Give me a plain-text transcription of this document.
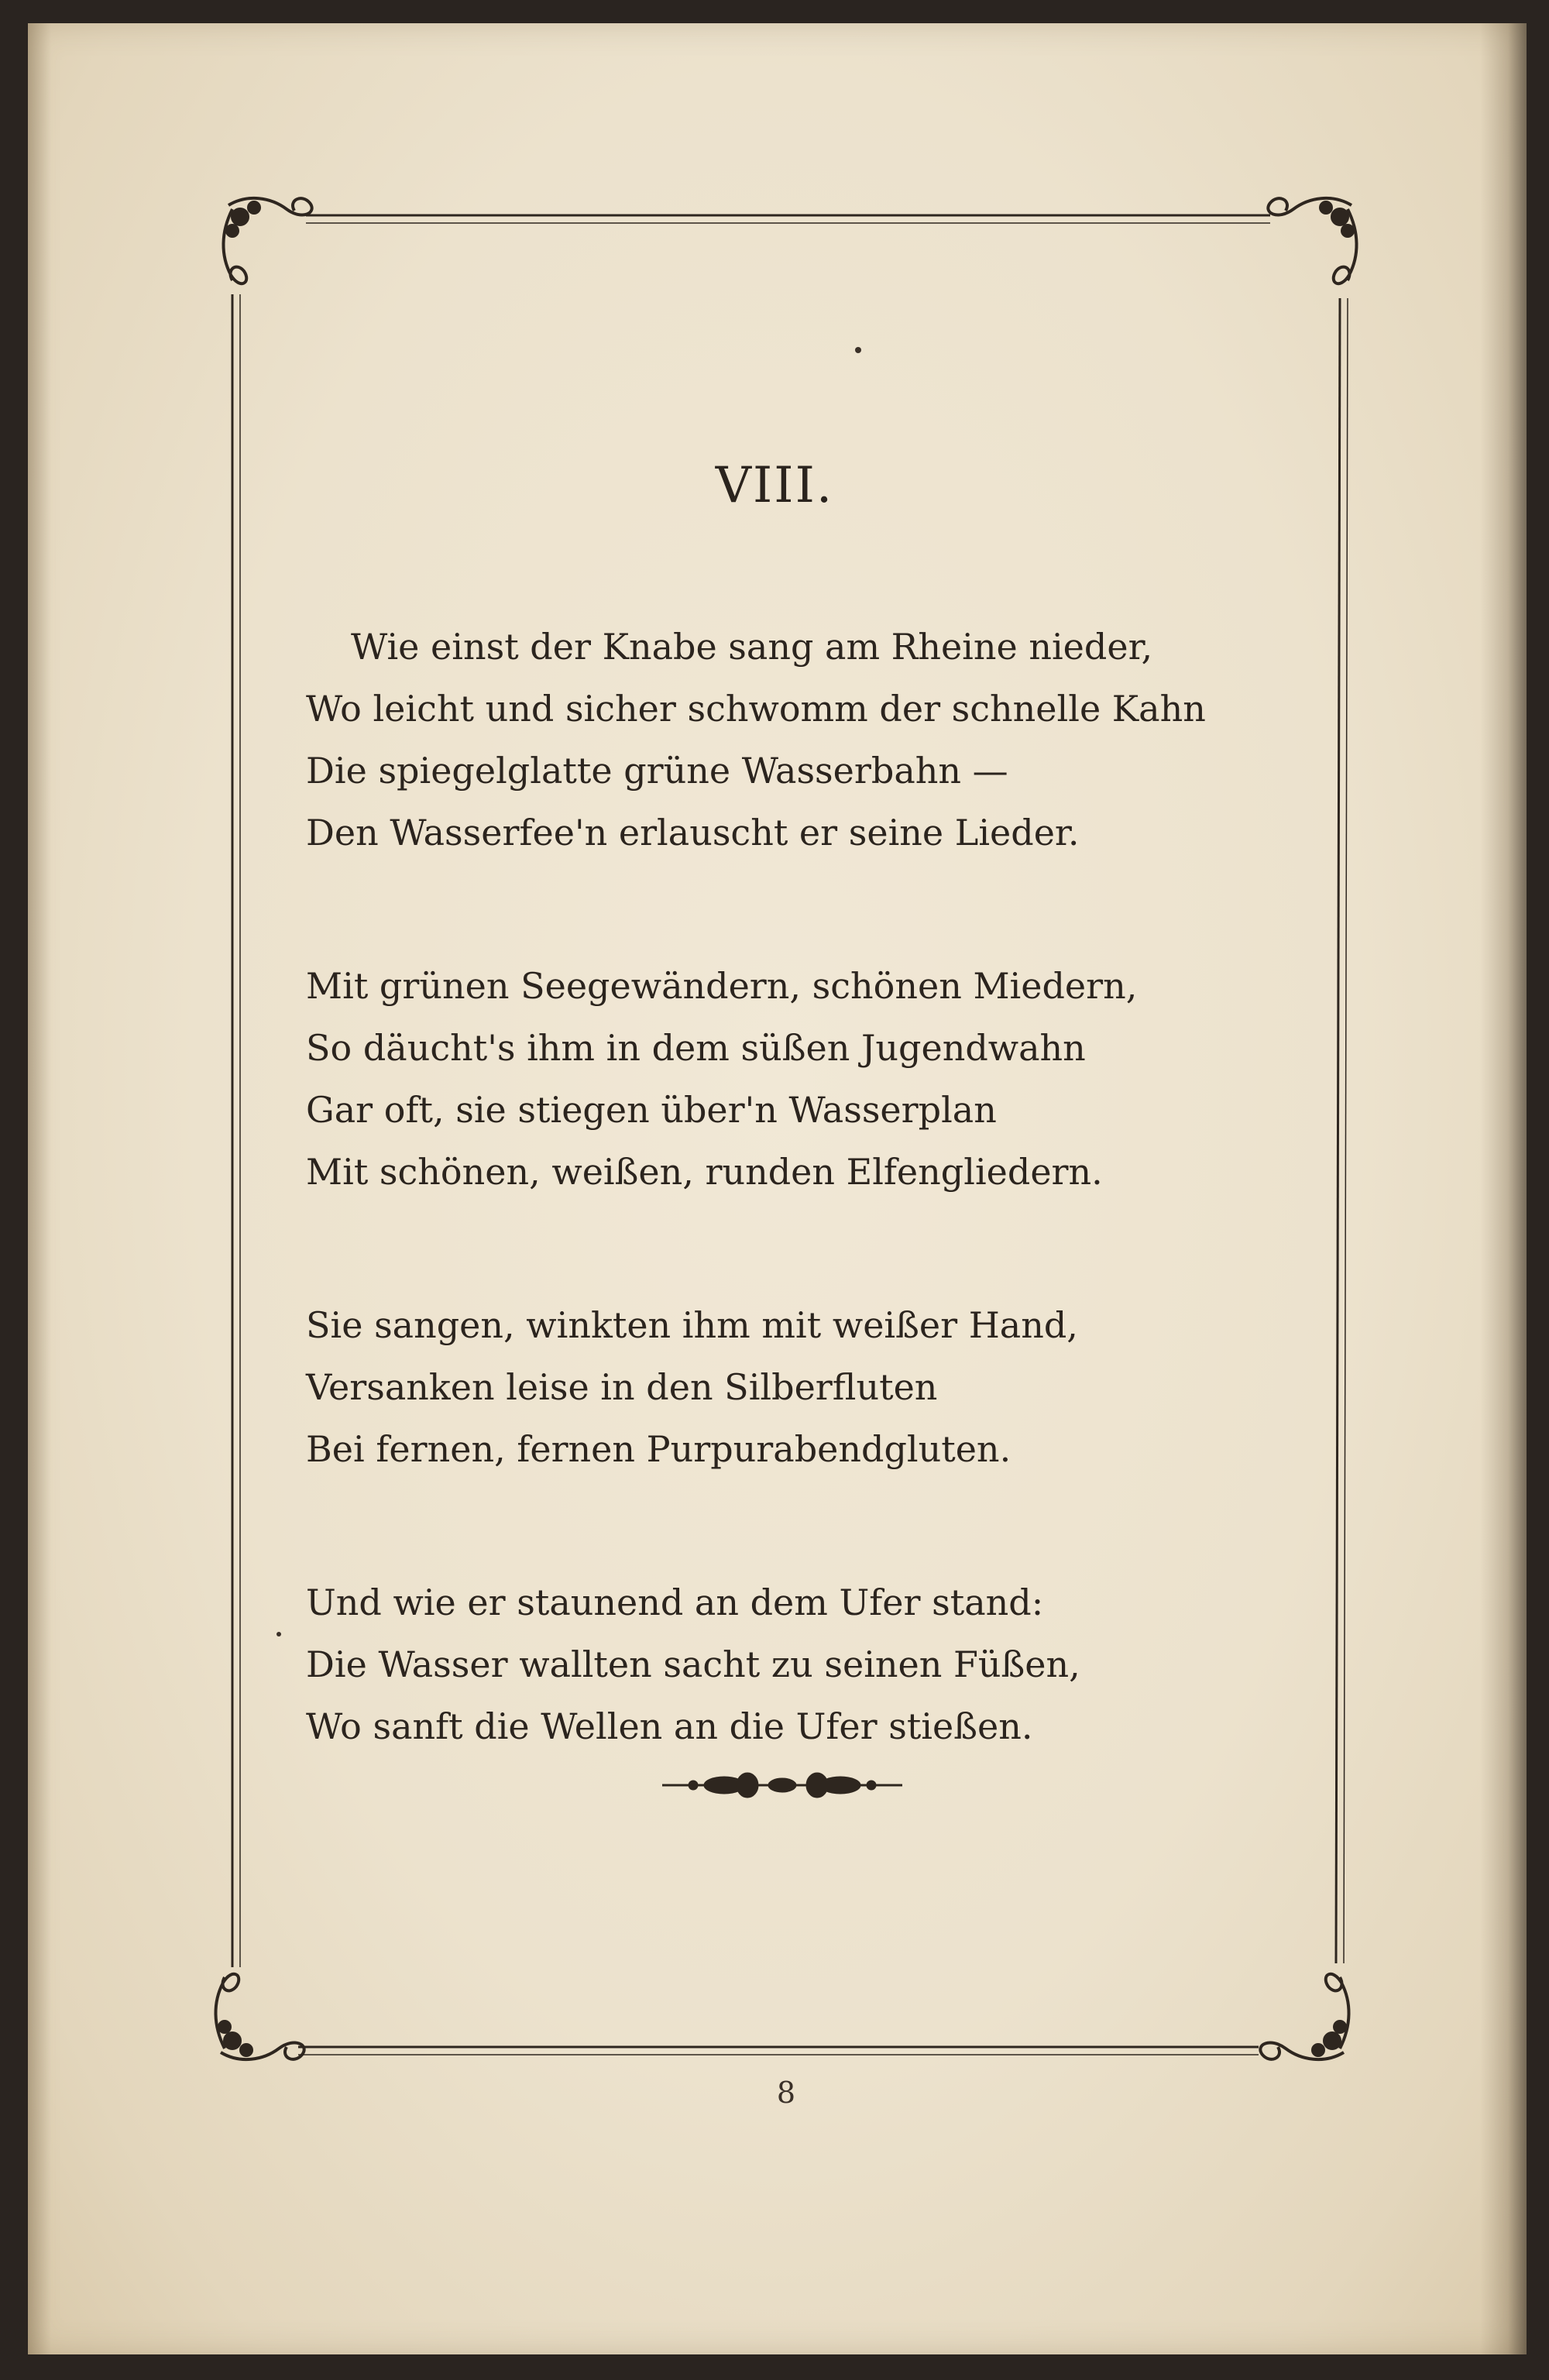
VIII.
Wie einst der Knabe sang am Rheine nieder,
Wo leicht und sicher schwomm der schnelle Kahn
Die spiegelglatte grüne Wasserbahn —
Den Wasserfee'n erlauscht er seine Lieder.
Mit grünen Seegewändern, schönen Miedern,
So däucht's ihm in dem süßen Jugendwahn
Gar oft, sie stiegen über'n Wasserplan
Mit schönen, weißen, runden Elfengliedern.
Sie sangen, winkten ihm mit weißer Hand,
Versanken leise in den Silberfluten
Bei fernen, fernen Purpurabendgluten.
Und wie er staunend an dem Ufer stand:
Die Wasser wallten sacht zu seinen Füßen,
Wo sanft die Wellen an die Ufer stießen.
8
